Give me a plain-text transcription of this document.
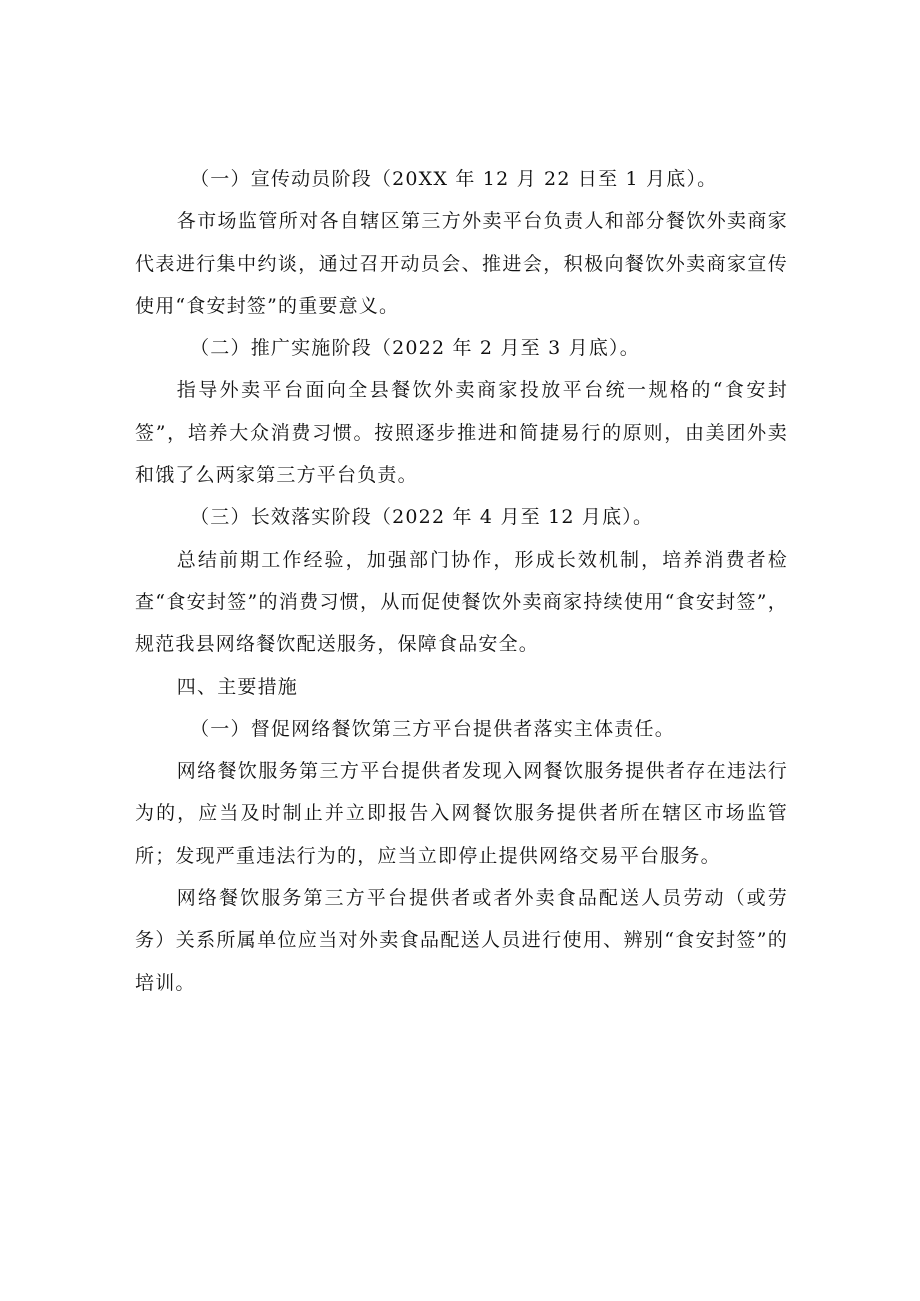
（一）宣传动员阶段（20XX 年 12 月 22 日至 1 月底）。

各市场监管所对各自辖区第三方外卖平台负责人和部分餐饮外卖商家代表进行集中约谈，通过召开动员会、推进会，积极向餐饮外卖商家宣传使用“食安封签”的重要意义。

（二）推广实施阶段（2022 年 2 月至 3 月底）。

指导外卖平台面向全县餐饮外卖商家投放平台统一规格的“食安封签”，培养大众消费习惯。按照逐步推进和简捷易行的原则，由美团外卖和饿了么两家第三方平台负责。

（三）长效落实阶段（2022 年 4 月至 12 月底）。

总结前期工作经验，加强部门协作，形成长效机制，培养消费者检查“食安封签”的消费习惯，从而促使餐饮外卖商家持续使用“食安封签”，规范我县网络餐饮配送服务，保障食品安全。

四、主要措施

（一）督促网络餐饮第三方平台提供者落实主体责任。

网络餐饮服务第三方平台提供者发现入网餐饮服务提供者存在违法行为的，应当及时制止并立即报告入网餐饮服务提供者所在辖区市场监管所；发现严重违法行为的，应当立即停止提供网络交易平台服务。

网络餐饮服务第三方平台提供者或者外卖食品配送人员劳动（或劳务）关系所属单位应当对外卖食品配送人员进行使用、辨别“食安封签”的培训。
